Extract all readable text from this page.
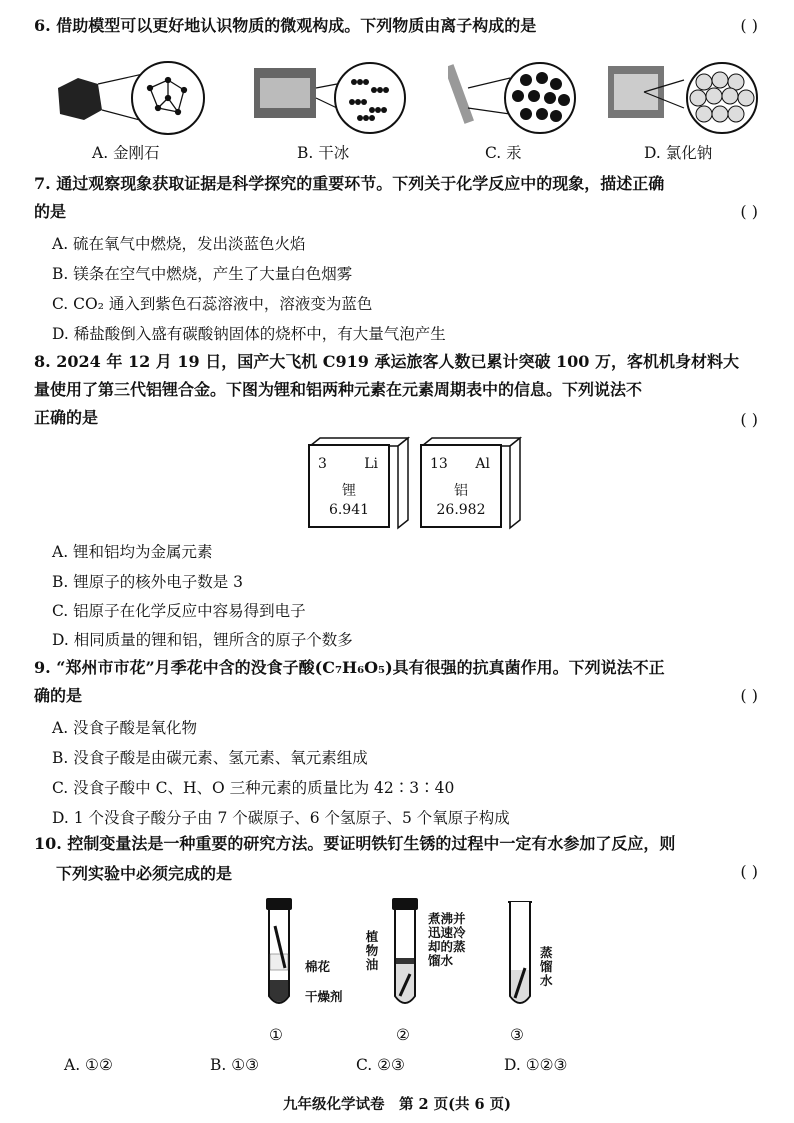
6. 借助模型可以更好地认识物质的微观构成。下列物质由离子构成的是	( )
A. 金刚石	B. 干冰	C. 汞	D. 氯化钠
7. 通过观察现象获取证据是科学探究的重要环节。下列关于化学反应中的现象，描述正确
的是	( )
A. 硫在氧气中燃烧，发出淡蓝色火焰
B. 镁条在空气中燃烧，产生了大量白色烟雾
C. CO₂ 通入到紫色石蕊溶液中，溶液变为蓝色
D. 稀盐酸倒入盛有碳酸钠固体的烧杯中，有大量气泡产生
8. 2024 年 12 月 19 日，国产大飞机 C919 承运旅客人数已累计突破 100 万，客机机身材料大
量使用了第三代铝锂合金。下图为锂和铝两种元素在元素周期表中的信息。下列说法不
正确的是	( )
3	Li
锂
6.941
13 Al
铝
26.982
A. 锂和铝均为金属元素
B. 锂原子的核外电子数是 3
C. 铝原子在化学反应中容易得到电子
D. 相同质量的锂和铝，锂所含的原子个数多
9. “郑州市市花”月季花中含的没食子酸(C₇H₆O₅)具有很强的抗真菌作用。下列说法不正
确的是	( )
A. 没食子酸是氧化物
B. 没食子酸是由碳元素、氢元素、氧元素组成
C. 没食子酸中 C、H、O 三种元素的质量比为 42∶3∶40
D. 1 个没食子酸分子由 7 个碳原子、6 个氢原子、5 个氧原子构成
10. 控制变量法是一种重要的研究方法。要证明铁钉生锈的过程中一定有水参加了反应，则
下列实验中必须完成的是	( )
棉花
干燥剂
①
植物油
煮沸并迅速冷却的蒸馏水
②
蒸馏水
③
A. ①②	B. ①③	C. ②③	D. ①②③
九年级化学试卷　第 2 页(共 6 页)
